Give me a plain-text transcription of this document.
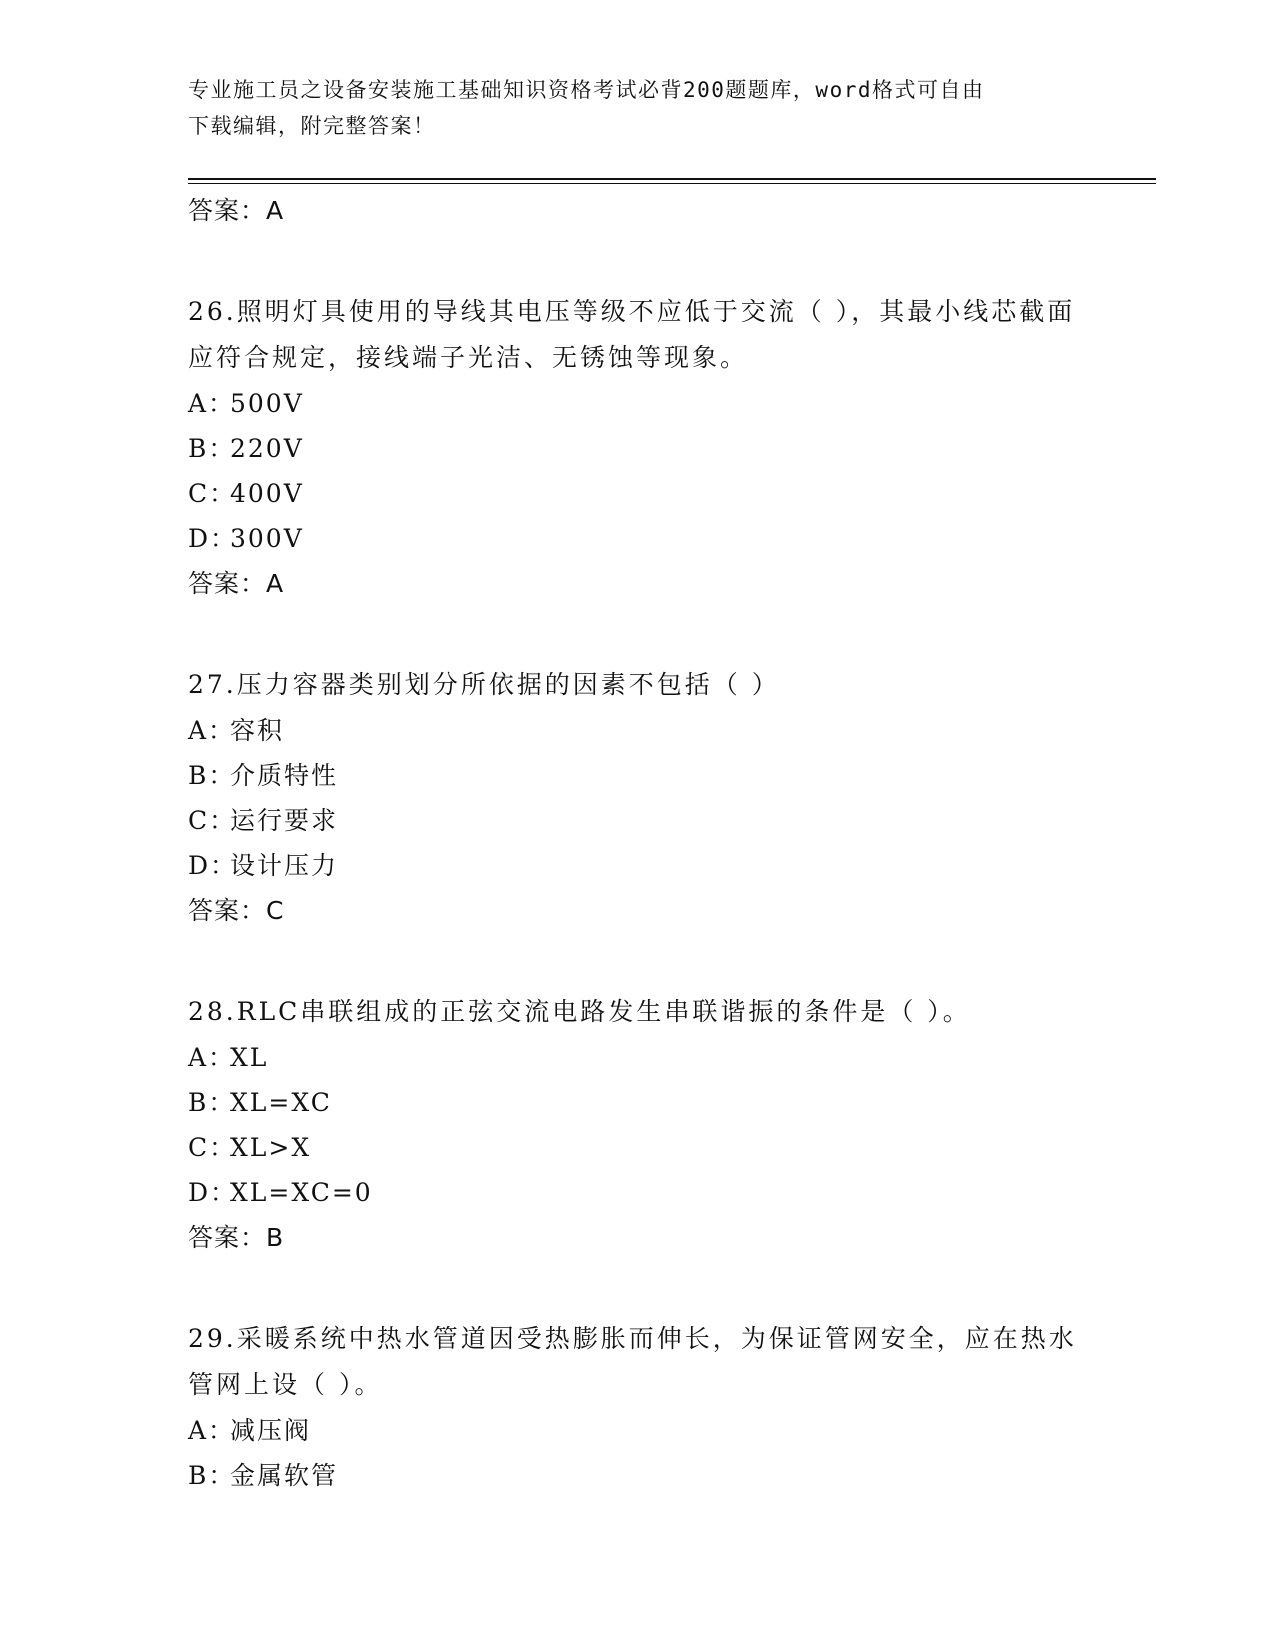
专业施工员之设备安装施工基础知识资格考试必背200题题库，word格式可自由
下载编辑，附完整答案！
答案：A
26.照明灯具使用的导线其电压等级不应低于交流（ ），其最小线芯截面应符合规定，接线端子光洁、无锈蚀等现象。
A：500V
B：220V
C：400V
D：300V
答案：A
27.压力容器类别划分所依据的因素不包括（ ）
A：容积
B：介质特性
C：运行要求
D：设计压力
答案：C
28.RLC串联组成的正弦交流电路发生串联谐振的条件是（ ）。
A：XL
B：XL=XC
C：XL>X
D：XL=XC=0
答案：B
29.采暖系统中热水管道因受热膨胀而伸长，为保证管网安全，应在热水管网上设（ ）。
A：减压阀
B：金属软管
